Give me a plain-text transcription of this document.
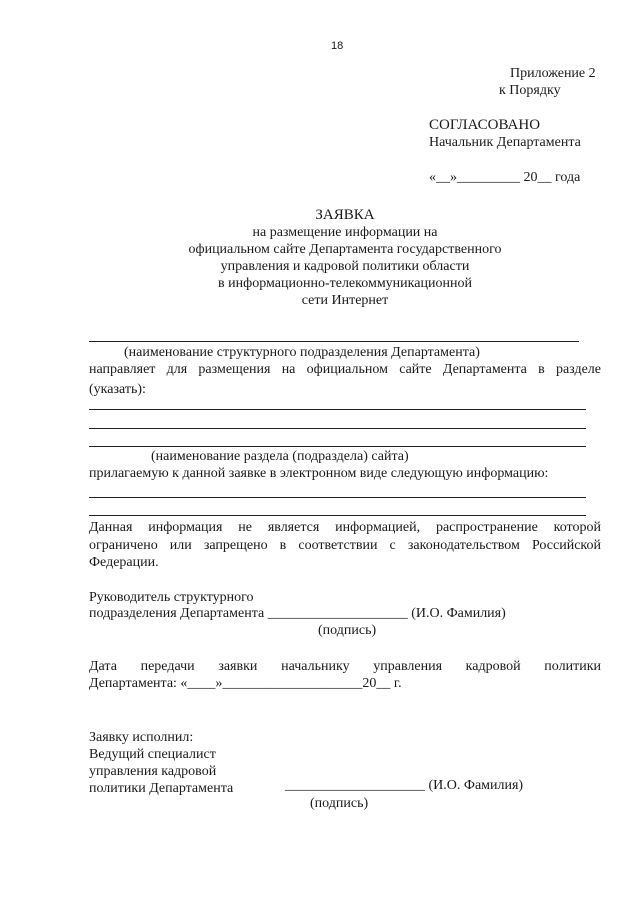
18
Приложение 2
к Порядку
СОГЛАСОВАНО
Начальник Департамента
«__»_________ 20__ года
ЗАЯВКА
на размещение информации на
официальном сайте Департамента государственного
управления и кадровой политики области
в информационно-телекоммуникационной
сети Интернет
(наименование структурного подразделения Департамента)
направляет для размещения на официальном сайте Департамента в разделе
(указать):
(наименование раздела (подраздела) сайта)
прилагаемую к данной заявке в электронном виде следующую информацию:
Данная информация не является информацией, распространение которой
ограничено или запрещено в соответствии с законодательством Российской
Федерации.
Руководитель структурного
подразделения Департамента ____________________ (И.О. Фамилия)
(подпись)
Дата передачи заявки начальнику управления кадровой политики
Департамента: «____»____________________20__ г.
Заявку исполнил:
Ведущий специалист
управления кадровой
политики Департамента	____________________ (И.О. Фамилия)
(подпись)
